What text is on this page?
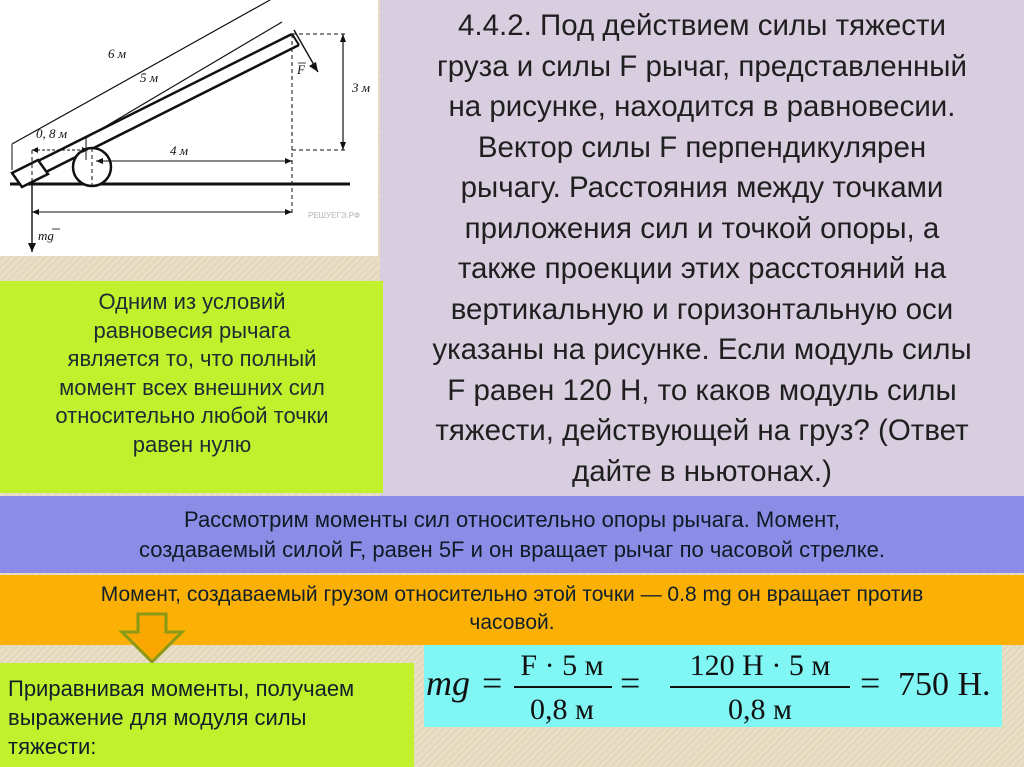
6 м
5 м
0, 8 м
4 м
3 м
F
mg
РЕШУЕГЭ.РФ
4.4.2. Под действием силы тяжести
груза и силы F рычаг, представленный
на рисунке, находится в равновесии.
Вектор силы F перпендикулярен
рычагу. Расстояния между точками
приложения сил и точкой опоры, а
также проекции этих расстояний на
вертикальную и горизонтальную оси
указаны на рисунке. Если модуль силы
F равен 120 Н, то каков модуль силы
тяжести, действующей на груз? (Ответ
дайте в ньютонах.)
Одним из условий
равновесия рычага
является то, что полный
момент всех внешних сил
относительно любой точки
равен нулю
Рассмотрим моменты сил относительно опоры рычага. Момент,
создаваемый силой F, равен 5F и он вращает рычаг по часовой стрелке.
Момент, создаваемый грузом относительно этой точки — 0.8 mg он вращает против
часовой.
Приравнивая моменты, получаем
выражение для модуля силы
тяжести:
mg = F · 5 м
0,8 м
= 120 Н · 5 м
0,8 м
= 750 Н.
